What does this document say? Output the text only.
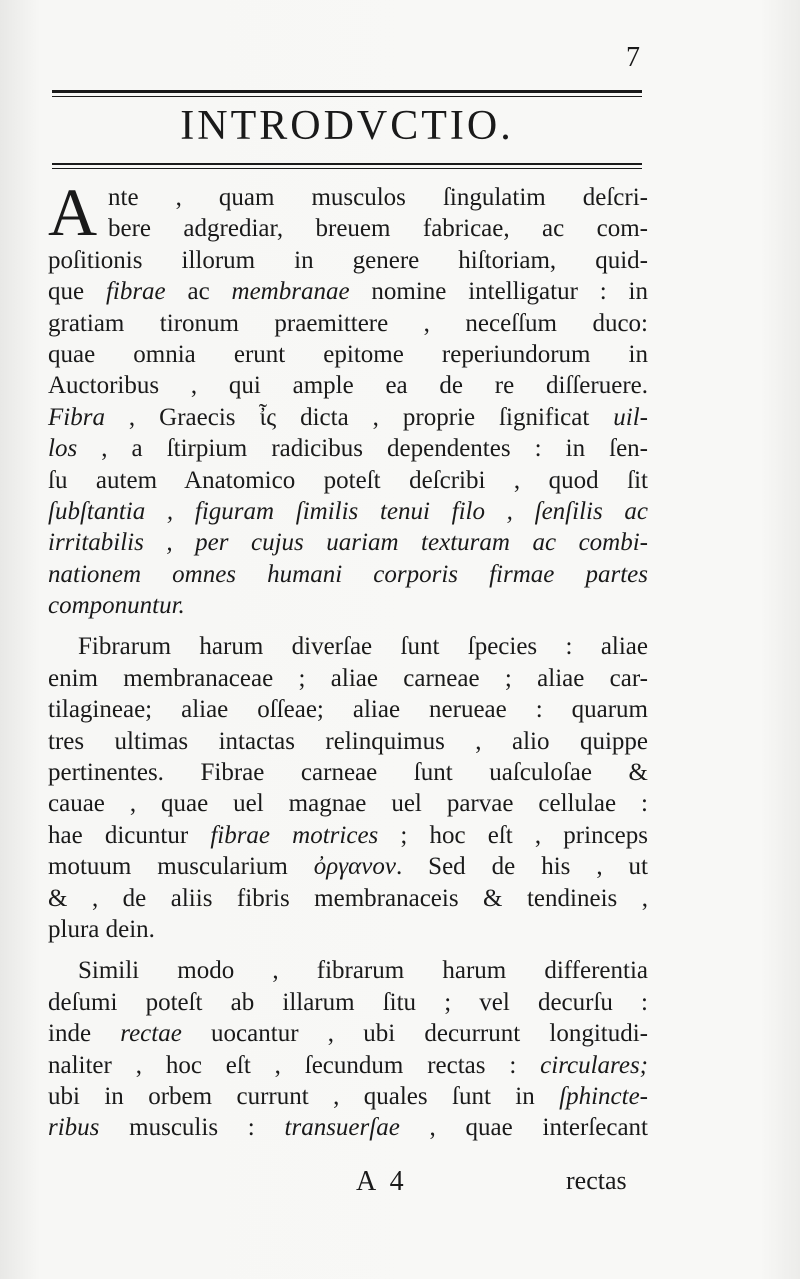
7
INTRODVCTIO.
A nte , quam musculos ſingulatim deſcri-
bere adgrediar, breuem fabricae, ac com-
poſitionis illorum in genere hiſtoriam, quid-
que fibrae ac membranae nomine intelligatur : in
gratiam tironum praemittere , neceſſum duco:
quae omnia erunt epitome reperiundorum in
Auctoribus , qui ample ea de re diſſeruere.
Fibra , Graecis ἶς dicta , proprie ſignificat uil-
los , a ſtirpium radicibus dependentes : in ſen-
ſu autem Anatomico poteſt deſcribi , quod ſit
ſubſtantia , figuram ſimilis tenui filo , ſenſilis ac
irritabilis , per cujus uariam texturam ac combi-
nationem omnes humani corporis firmae partes
componuntur.
Fibrarum harum diverſae ſunt ſpecies : aliae
enim membranaceae ; aliae carneae ; aliae car-
tilagineae; aliae oſſeae; aliae nerueae : quarum
tres ultimas intactas relinquimus , alio quippe
pertinentes. Fibrae carneae ſunt uaſculoſae &
cauae , quae uel magnae uel parvae cellulae :
hae dicuntur fibrae motrices ; hoc eſt , princeps
motuum muscularium ὀργανον. Sed de his , ut
& , de aliis fibris membranaceis & tendineis ,
plura dein.
Simili modo , fibrarum harum differentia
deſumi poteſt ab illarum ſitu ; vel decurſu :
inde rectae uocantur , ubi decurrunt longitudi-
naliter , hoc eſt , ſecundum rectas : circulares;
ubi in orbem currunt , quales ſunt in ſphincte-
ribus musculis : transuerſae , quae interſecant
A 4	rectas
